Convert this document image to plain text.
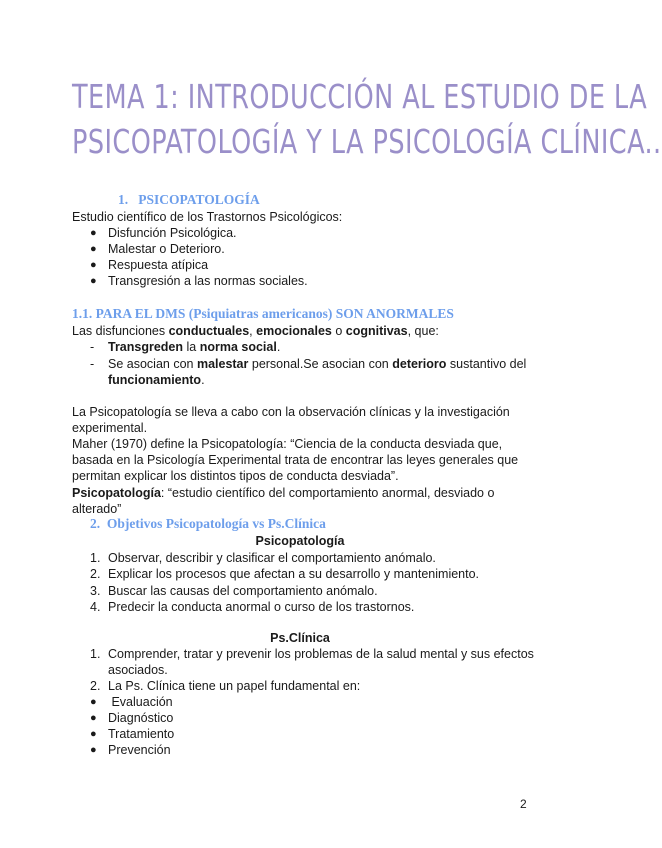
TEMA 1: INTRODUCCIÓN AL ESTUDIO DE LA
PSICOPATOLOGÍA Y LA PSICOLOGÍA CLÍNICA..
1. PSICOPATOLOGÍA
Estudio científico de los Trastornos Psicológicos:
● Disfunción Psicológica.
● Malestar o Deterioro.
● Respuesta atípica
● Transgresión a las normas sociales.
1.1. PARA EL DMS (Psiquiatras americanos) SON ANORMALES
Las disfunciones conductuales, emocionales o cognitivas, que:
- Transgreden la norma social.
- Se asocian con malestar personal.Se asocian con deterioro sustantivo del
funcionamiento.
La Psicopatología se lleva a cabo con la observación clínicas y la investigación
experimental.
Maher (1970) define la Psicopatología: “Ciencia de la conducta desviada que,
basada en la Psicología Experimental trata de encontrar las leyes generales que
permitan explicar los distintos tipos de conducta desviada”.
Psicopatología: “estudio científico del comportamiento anormal, desviado o
alterado”
2. Objetivos Psicopatología vs Ps.Clínica
Psicopatología
1. Observar, describir y clasificar el comportamiento anómalo.
2. Explicar los procesos que afectan a su desarrollo y mantenimiento.
3. Buscar las causas del comportamiento anómalo.
4. Predecir la conducta anormal o curso de los trastornos.
Ps.Clínica
1. Comprender, tratar y prevenir los problemas de la salud mental y sus efectos
asociados.
2. La Ps. Clínica tiene un papel fundamental en:
● Evaluación
● Diagnóstico
● Tratamiento
● Prevención
2
